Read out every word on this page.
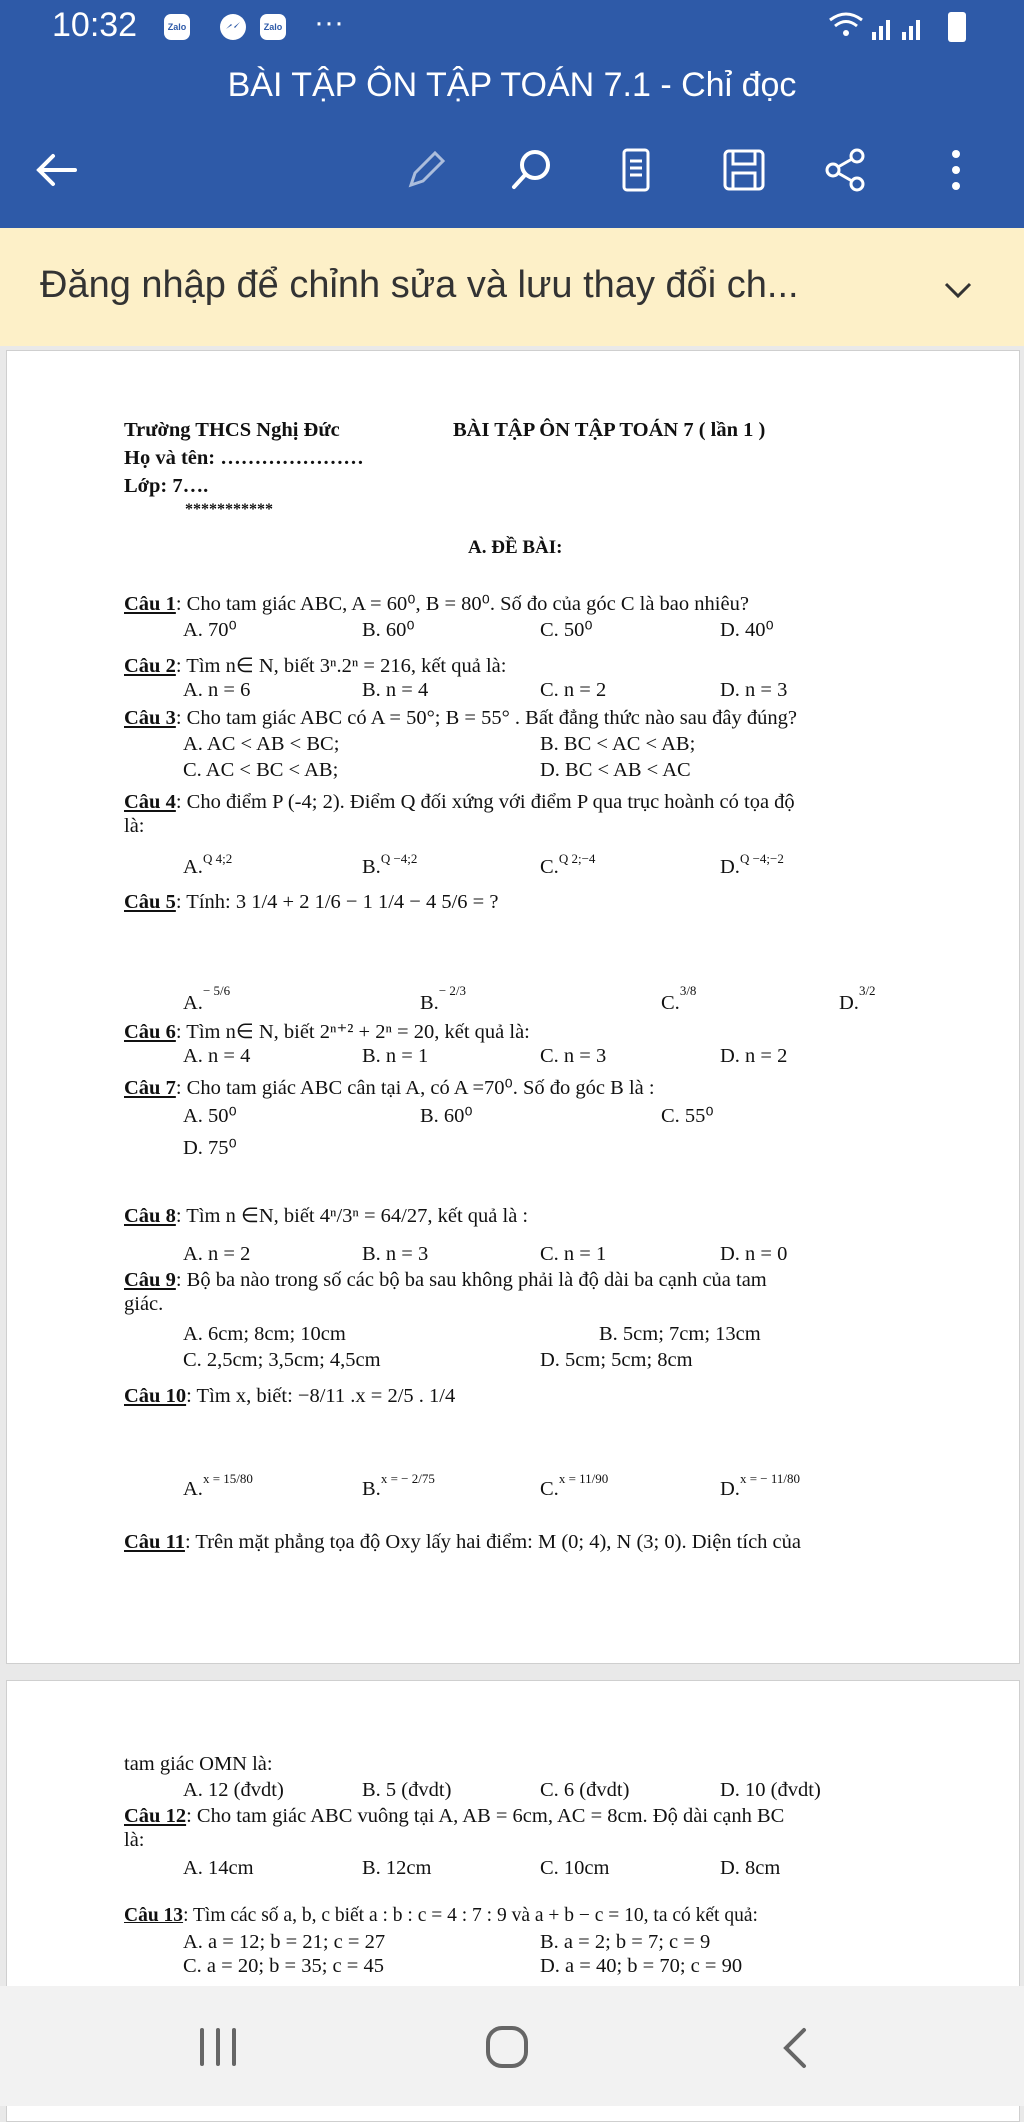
10:32	Zalo	Zalo ···
BÀI TẬP ÔN TẬP TOÁN 7.1 - Chỉ đọc
Đăng nhập để chỉnh sửa và lưu thay đổi ch...
Trường THCS Nghị Đức	BÀI TẬP ÔN TẬP TOÁN 7 ( lần 1 )
Họ và tên: …………………
Lớp: 7….
***********
A. ĐỀ BÀI:
Câu 1: Cho tam giác ABC, A = 60⁰, B = 80⁰. Số đo của góc C là bao nhiêu?
A. 70⁰	B. 60⁰	C. 50⁰	D. 40⁰
Câu 2: Tìm n∈ N, biết 3ⁿ.2ⁿ = 216, kết quả là:
A. n = 6	B. n = 4	C. n = 2	D. n = 3
Câu 3: Cho tam giác ABC có A = 50°; B = 55° . Bất đẳng thức nào sau đây đúng?
A. AC < AB < BC;	B. BC < AC < AB;
C. AC < BC < AB;	D. BC < AB < AC
Câu 4: Cho điểm P (-4; 2). Điểm Q đối xứng với điểm P qua trục hoành có tọa độ
là:
A.$^{Q 4;2}$	B.$^{Q -4;2}$	C.$^{Q 2;-4}$	D.$^{Q -4;-2}$
Câu 5: Tính: 3 1/4 + 2 1/6 − 1 1/4 − 4 5/6 = ?
A.$^{- 5/6}$
B.$^{- 2/3}$
C.$^{3/8}$
D.$^{3/2}$
Câu 6: Tìm n∈ N, biết 2ⁿ⁺² + 2ⁿ = 20, kết quả là:
A. n = 4	B. n = 1	C. n = 3	D. n = 2
Câu 7: Cho tam giác ABC cân tại A, có A =70⁰. Số đo góc B là :
A. 50⁰	B. 60⁰	C. 55⁰
D. 75⁰
Câu 8: Tìm n ∈N, biết 4ⁿ/3ⁿ = 64/27, kết quả là :
A. n = 2	B. n = 3	C. n = 1	D. n = 0
Câu 9: Bộ ba nào trong số các bộ ba sau không phải là độ dài ba cạnh của tam
giác.
A. 6cm; 8cm; 10cm	B. 5cm; 7cm; 13cm
C. 2,5cm; 3,5cm; 4,5cm	D. 5cm; 5cm; 8cm
Câu 10: Tìm x, biết: −8/11 .x = 2/5 . 1/4
A.$^{x = 15/80}$	B.$^{x = - 2/75}$	C.$^{x = 11/90}$	D.$^{x = - 11/80}$
Câu 11: Trên mặt phẳng tọa độ Oxy lấy hai điểm: M (0; 4), N (3; 0). Diện tích của
tam giác OMN là:
A. 12 (đvdt)	B. 5 (đvdt)	C. 6 (đvdt)	D. 10 (đvdt)
Câu 12: Cho tam giác ABC vuông tại A, AB = 6cm, AC = 8cm. Độ dài cạnh BC
là:
A. 14cm	B. 12cm	C. 10cm	D. 8cm
Câu 13: Tìm các số a, b, c biết a : b : c = 4 : 7 : 9 và a + b − c = 10, ta có kết quả:
A. a = 12; b = 21; c = 27	B. a = 2; b = 7; c = 9
C. a = 20; b = 35; c = 45	D. a = 40; b = 70; c = 90
